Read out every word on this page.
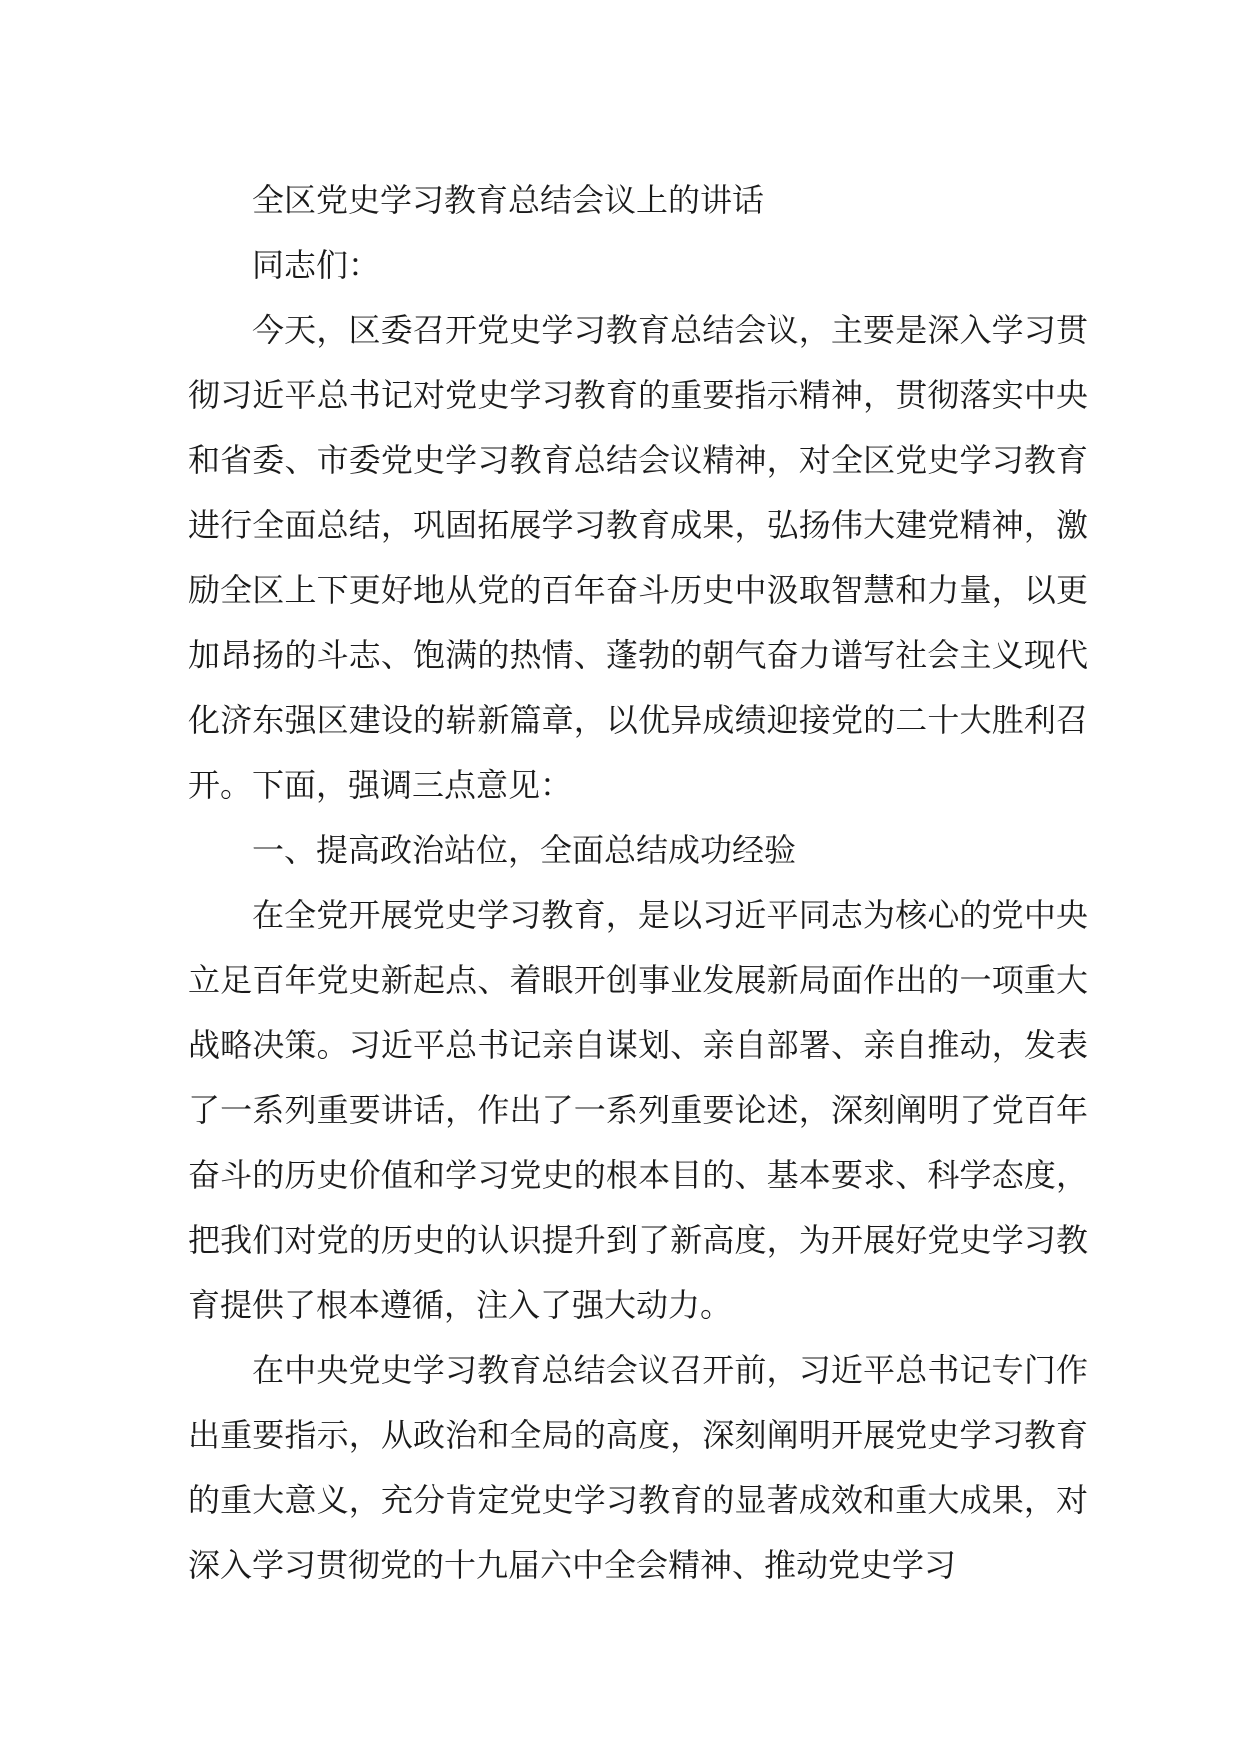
全区党史学习教育总结会议上的讲话

同志们：

今天，区委召开党史学习教育总结会议，主要是深入学习贯彻习近平总书记对党史学习教育的重要指示精神，贯彻落实中央和省委、市委党史学习教育总结会议精神，对全区党史学习教育进行全面总结，巩固拓展学习教育成果，弘扬伟大建党精神，激励全区上下更好地从党的百年奋斗历史中汲取智慧和力量，以更加昂扬的斗志、饱满的热情、蓬勃的朝气奋力谱写社会主义现代化济东强区建设的崭新篇章，以优异成绩迎接党的二十大胜利召开。下面，强调三点意见：

一、提高政治站位，全面总结成功经验

在全党开展党史学习教育，是以习近平同志为核心的党中央立足百年党史新起点、着眼开创事业发展新局面作出的一项重大战略决策。习近平总书记亲自谋划、亲自部署、亲自推动，发表了一系列重要讲话，作出了一系列重要论述，深刻阐明了党百年奋斗的历史价值和学习党史的根本目的、基本要求、科学态度，把我们对党的历史的认识提升到了新高度，为开展好党史学习教育提供了根本遵循，注入了强大动力。

在中央党史学习教育总结会议召开前，习近平总书记专门作出重要指示，从政治和全局的高度，深刻阐明开展党史学习教育的重大意义，充分肯定党史学习教育的显著成效和重大成果，对深入学习贯彻党的十九届六中全会精神、推动党史学习
